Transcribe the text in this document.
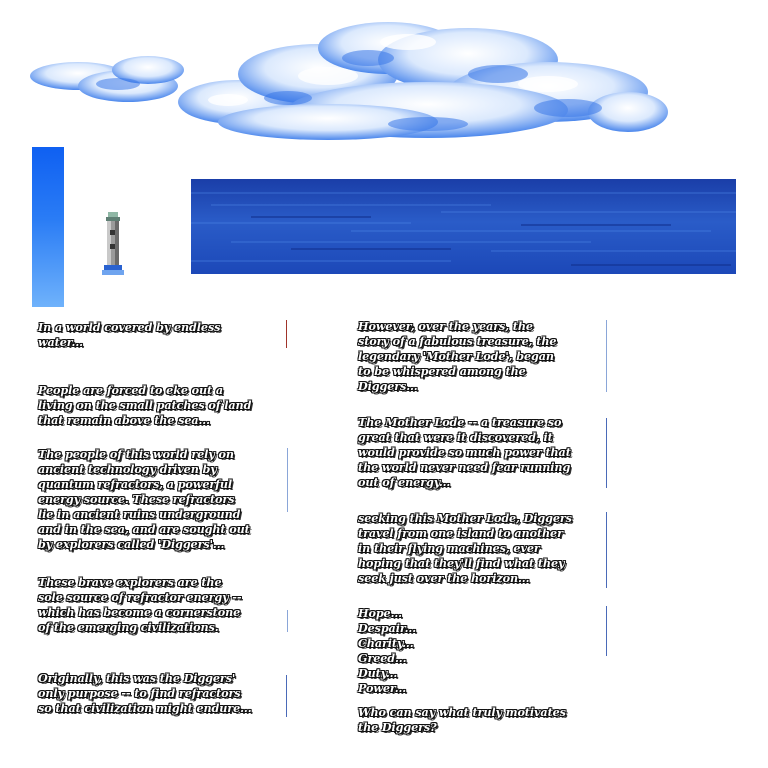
In a world covered by endless
water...

People are forced to eke out a
living on the small patches of land
that remain above the sea...

The people of this world rely on
ancient technology driven by
quantum refractors, a powerful
energy source. These refractors
lie in ancient ruins underground
and in the sea, and are sought out
by explorers called 'Diggers'...

These brave explorers are the
sole source of refractor energy --
which has become a cornerstone
of the emerging civilizations.

Originally, this was the Diggers'
only purpose -- to find refractors
so that civilization might endure...

However, over the years, the
story of a fabulous treasure, the
legendary 'Mother Lode', began
to be whispered among the
Diggers...

The Mother Lode -- a treasure so
great that were it discovered, it
would provide so much power that
the world never need fear running
out of energy...

seeking this Mother Lode, Diggers
travel from one island to another
in their flying machines, ever
hoping that they'll find what they
seek just over the horizon...

Hope...
Despair...
Charity...
Greed...
Duty...
Power...

Who can say what truly motivates
the Diggers?
